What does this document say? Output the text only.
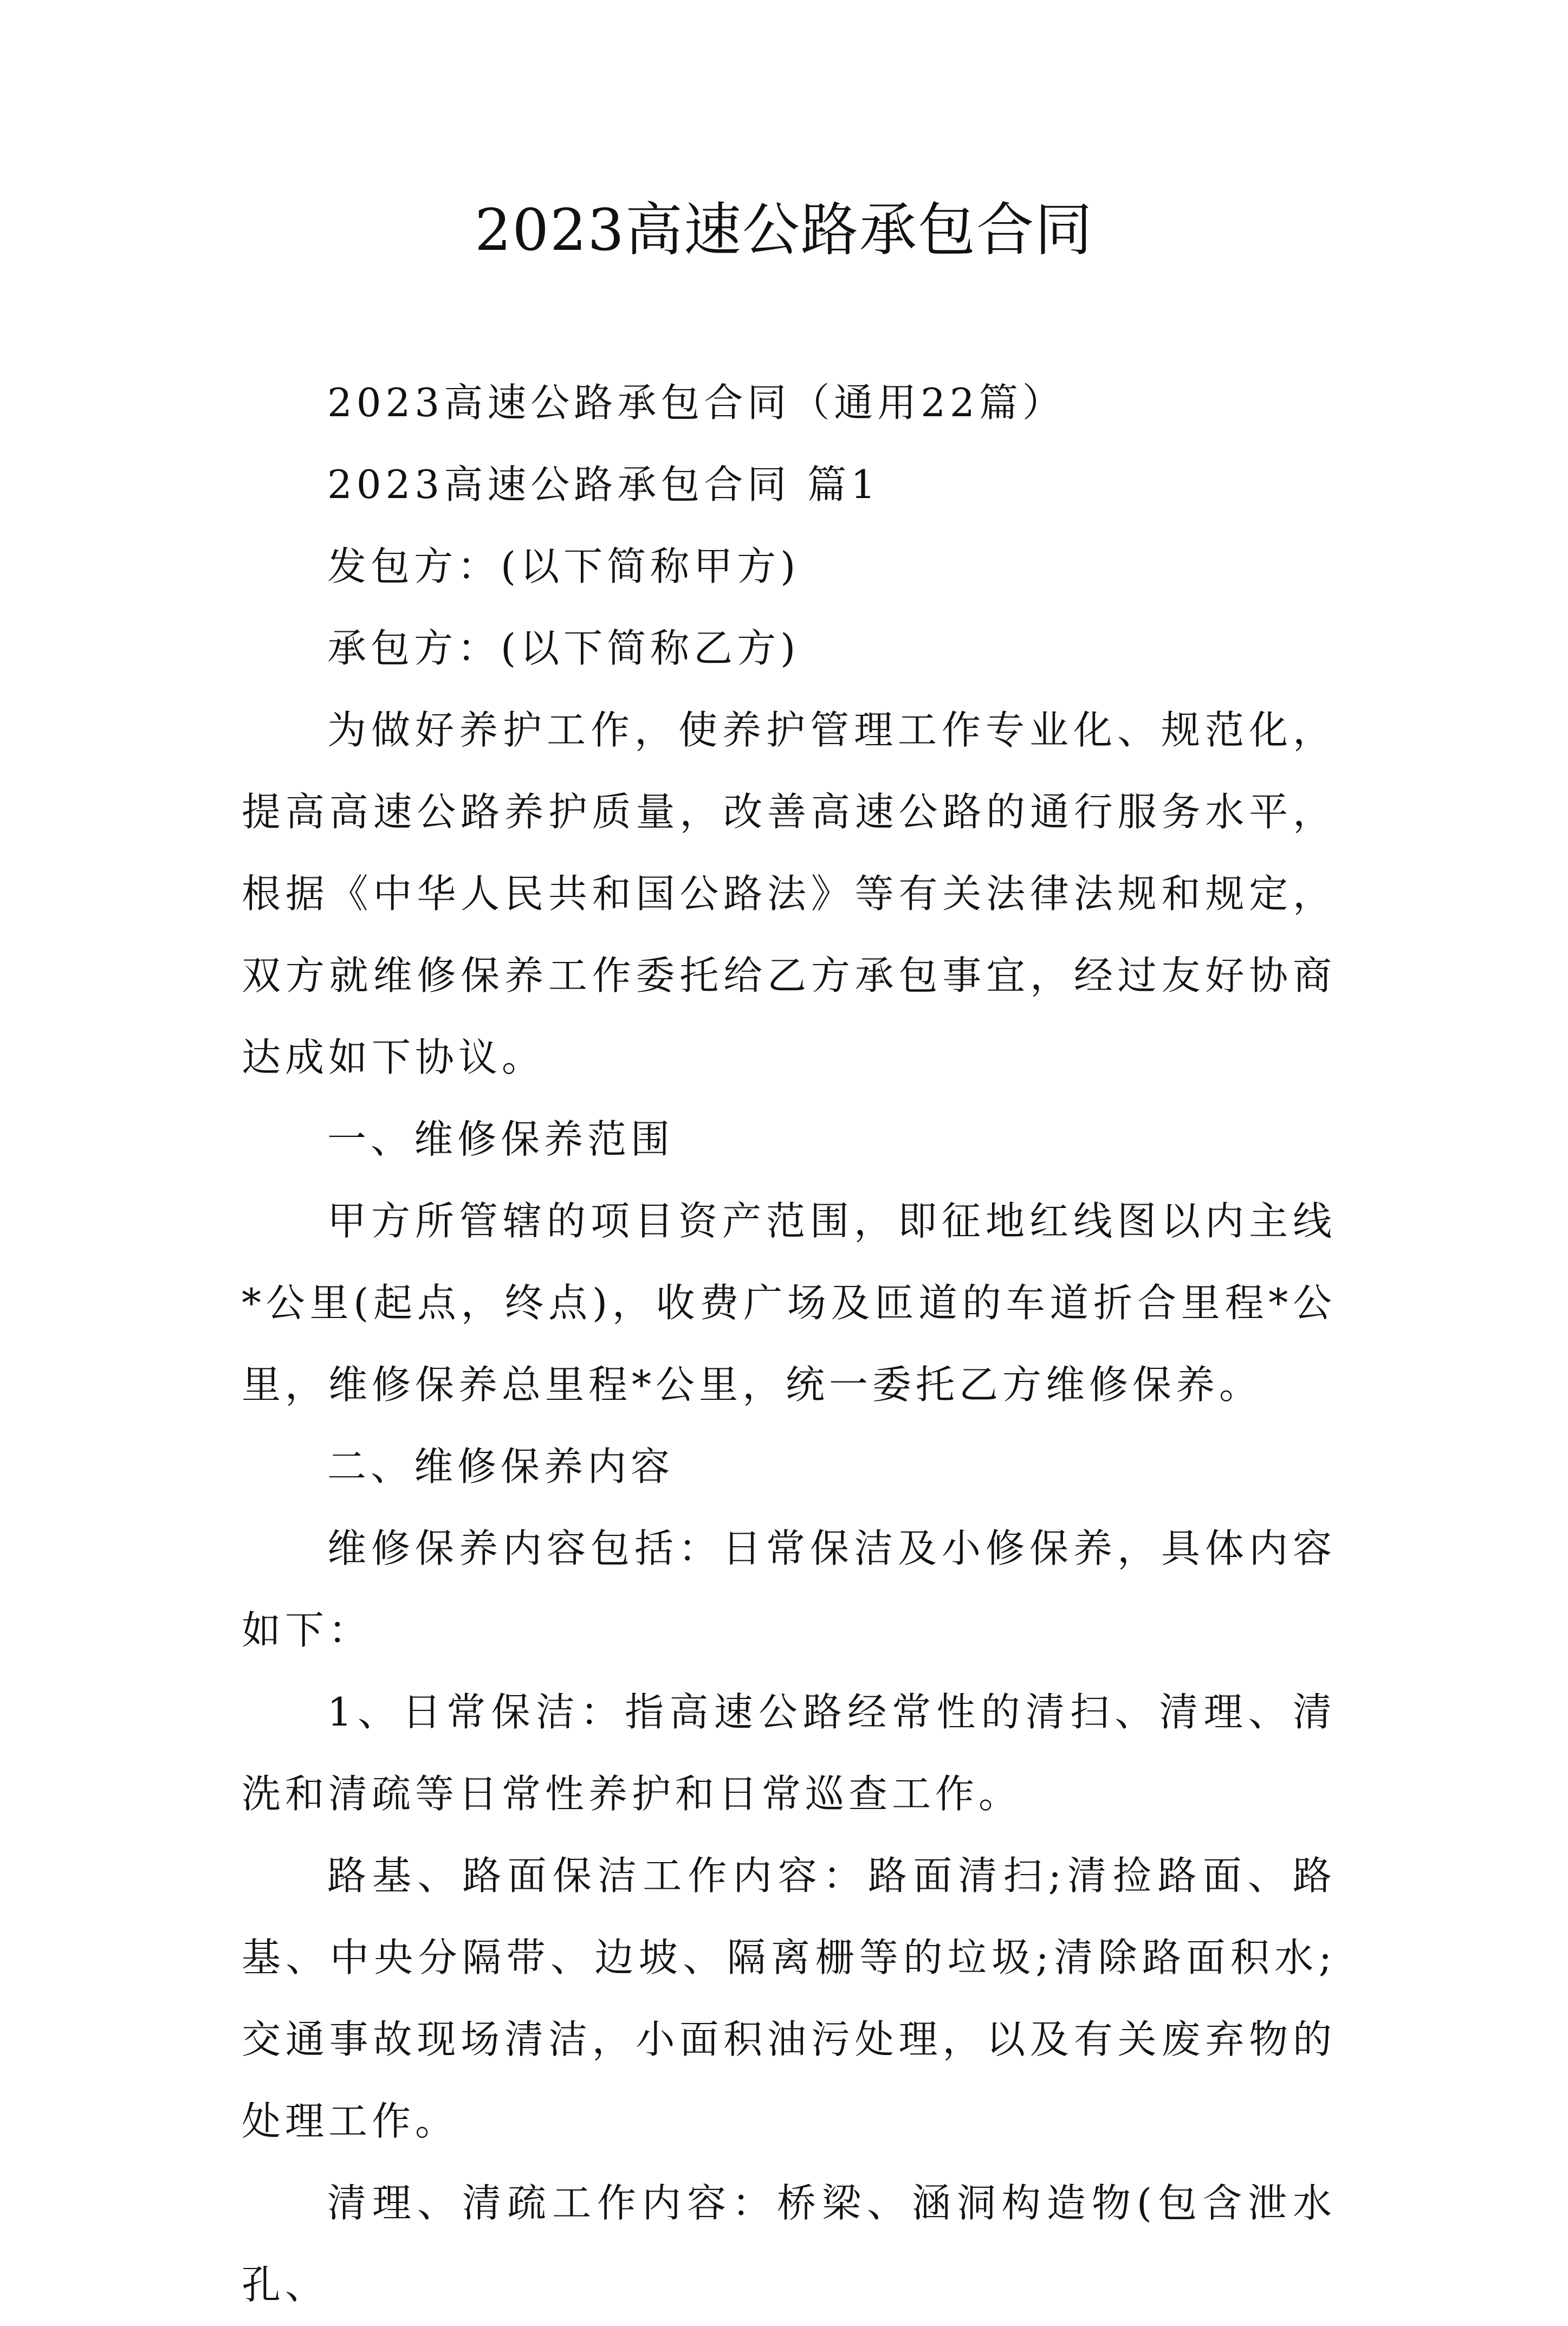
2023高速公路承包合同

2023高速公路承包合同（通用22篇）

2023高速公路承包合同 篇1

发包方：(以下简称甲方)

承包方：(以下简称乙方)

为做好养护工作，使养护管理工作专业化、规范化，提高高速公路养护质量，改善高速公路的通行服务水平，根据《中华人民共和国公路法》等有关法律法规和规定，双方就维修保养工作委托给乙方承包事宜，经过友好协商达成如下协议。

一、维修保养范围

甲方所管辖的项目资产范围，即征地红线图以内主线*公里(起点，终点)，收费广场及匝道的车道折合里程*公里，维修保养总里程*公里，统一委托乙方维修保养。

二、维修保养内容

维修保养内容包括：日常保洁及小修保养，具体内容如下：

1、日常保洁：指高速公路经常性的清扫、清理、清洗和清疏等日常性养护和日常巡查工作。

路基、路面保洁工作内容：路面清扫;清捡路面、路基、中央分隔带、边坡、隔离栅等的垃圾;清除路面积水;交通事故现场清洁，小面积油污处理，以及有关废弃物的处理工作。

清理、清疏工作内容：桥梁、涵洞构造物(包含泄水孔、
